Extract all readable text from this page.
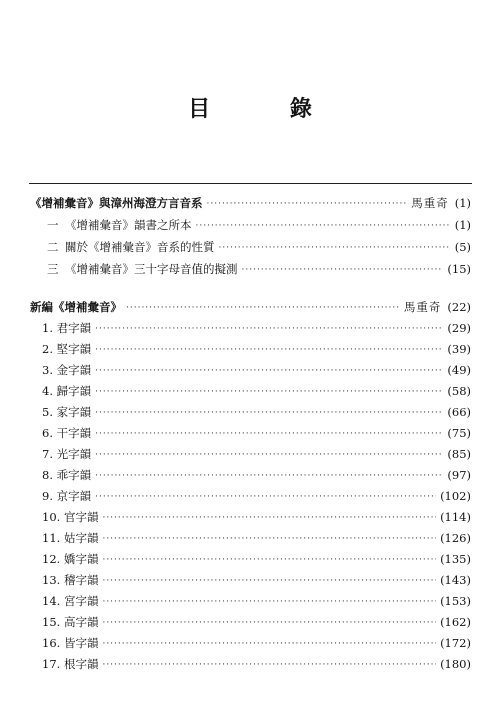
目 錄
《增補彙音》與漳州海澄方言音系 ·····	馬重奇 (1)
一 《增補彙音》韻書之所本 ·····	(1)
二 關於《增補彙音》音系的性質 ·····	(5)
三 《增補彙音》三十字母音值的擬測 ·····	(15)
新編《增補彙音》 ·····	馬重奇 (22)
1. 君字韻 ·····	(29)
2. 堅字韻 ·····	(39)
3. 金字韻 ·····	(49)
4. 歸字韻 ·····	(58)
5. 家字韻 ·····	(66)
6. 干字韻 ·····	(75)
7. 光字韻 ·····	(85)
8. 乖字韻 ·····	(97)
9. 京字韻 ·····	(102)
10. 官字韻 ·····	(114)
11. 姑字韻 ·····	(126)
12. 嬌字韻 ·····	(135)
13. 稽字韻 ·····	(143)
14. 宮字韻 ·····	(153)
15. 高字韻 ·····	(162)
16. 皆字韻 ·····	(172)
17. 根字韻 ·····	(180)
